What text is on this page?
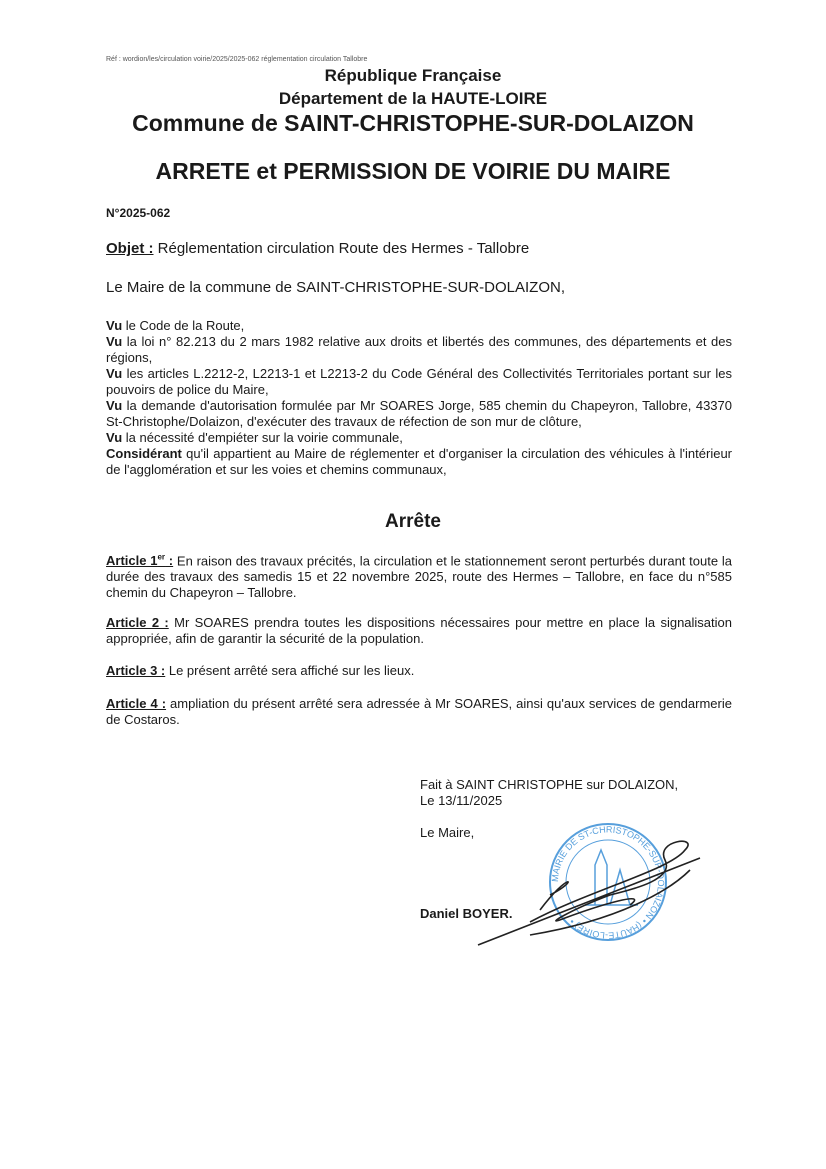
Réf : wordion/les/circulation voirie/2025/2025-062 réglementation circulation Tallobre
République Française
Département de la HAUTE-LOIRE
Commune de SAINT-CHRISTOPHE-SUR-DOLAIZON
ARRETE et PERMISSION DE VOIRIE DU MAIRE
N°2025-062
Objet : Réglementation circulation Route des Hermes - Tallobre
Le Maire de la commune de SAINT-CHRISTOPHE-SUR-DOLAIZON,
Vu le Code de la Route,
Vu la loi n° 82.213 du 2 mars 1982 relative aux droits et libertés des communes, des départements et des régions,
Vu les articles L.2212-2, L2213-1 et L2213-2 du Code Général des Collectivités Territoriales portant sur les pouvoirs de police du Maire,
Vu la demande d'autorisation formulée par Mr SOARES Jorge, 585 chemin du Chapeyron, Tallobre, 43370 St-Christophe/Dolaizon, d'exécuter des travaux de réfection de son mur de clôture,
Vu la nécessité d'empiéter sur la voirie communale,
Considérant qu'il appartient au Maire de réglementer et d'organiser la circulation des véhicules à l'intérieur de l'agglomération et sur les voies et chemins communaux,
Arrête
Article 1er : En raison des travaux précités, la circulation et le stationnement seront perturbés durant toute la durée des travaux des samedis 15 et 22 novembre 2025, route des Hermes – Tallobre, en face du n°585 chemin du Chapeyron – Tallobre.
Article 2 : Mr SOARES prendra toutes les dispositions nécessaires pour mettre en place la signalisation appropriée, afin de garantir la sécurité de la population.
Article 3 : Le présent arrêté sera affiché sur les lieux.
Article 4 : ampliation du présent arrêté sera adressée à Mr SOARES, ainsi qu'aux services de gendarmerie de Costaros.
Fait à SAINT CHRISTOPHE sur DOLAIZON,
Le 13/11/2025
Le Maire,
Daniel BOYER.
MAIRIE DE ST-CHRISTOPHE-SUR-DOLAIZON • (HAUTE-LOIRE) •
